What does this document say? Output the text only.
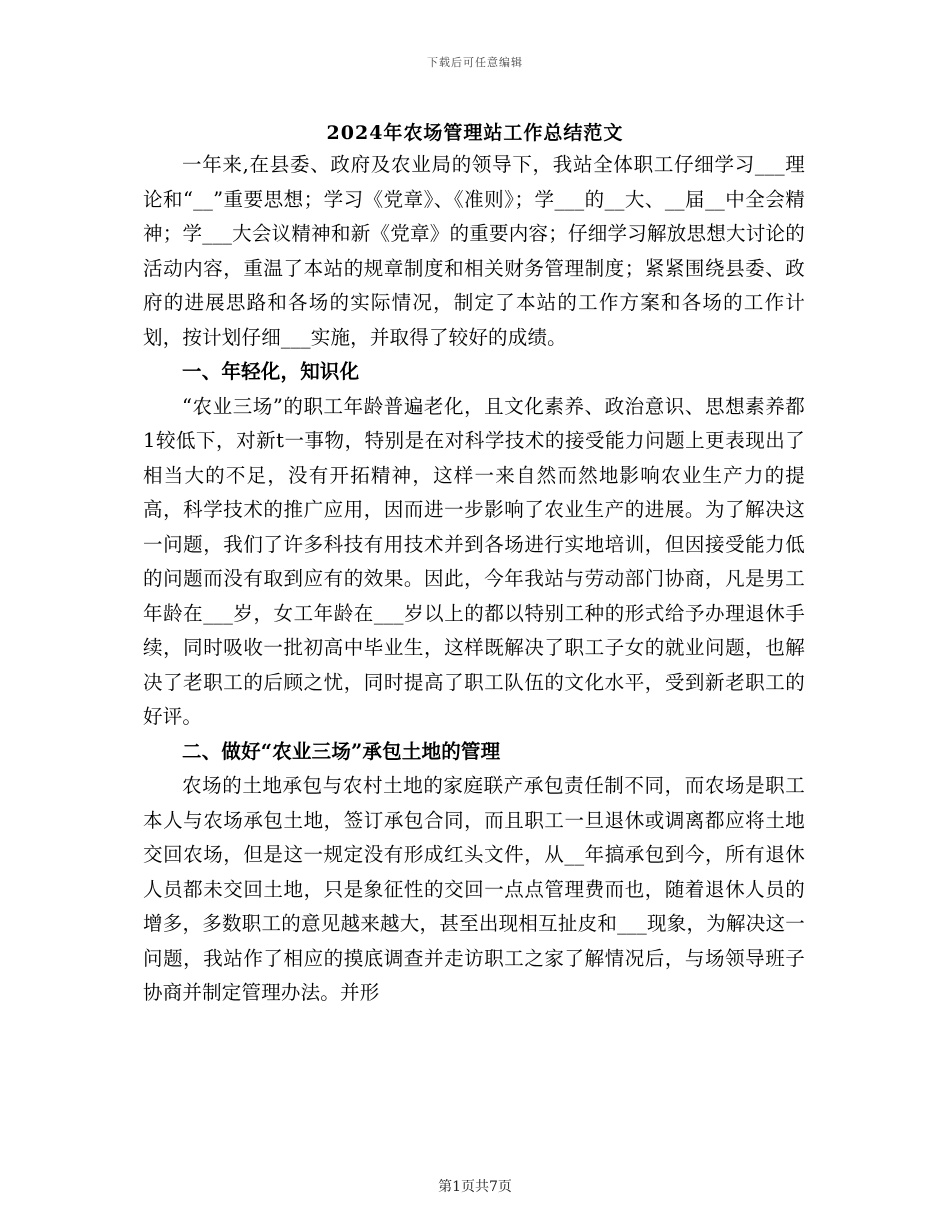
下载后可任意编辑
2024年农场管理站工作总结范文

一年来,在县委、政府及农业局的领导下，我站全体职工仔细学习___理论和“__”重要思想；学习《党章》、《准则》；学___的__大、__届__中全会精神；学___大会议精神和新《党章》的重要内容；仔细学习解放思想大讨论的活动内容，重温了本站的规章制度和相关财务管理制度；紧紧围绕县委、政府的进展思路和各场的实际情况，制定了本站的工作方案和各场的工作计划，按计划仔细___实施，并取得了较好的成绩。

一、年轻化，知识化

“农业三场”的职工年龄普遍老化，且文化素养、政治意识、思想素养都1较低下，对新t一事物，特别是在对科学技术的接受能力问题上更表现出了相当大的不足，没有开拓精神，这样一来自然而然地影响农业生产力的提高，科学技术的推广应用，因而进一步影响了农业生产的进展。为了解决这一问题，我们了许多科技有用技术并到各场进行实地培训，但因接受能力低的问题而没有取到应有的效果。因此，今年我站与劳动部门协商，凡是男工年龄在___岁，女工年龄在___岁以上的都以特别工种的形式给予办理退休手续，同时吸收一批初高中毕业生，这样既解决了职工子女的就业问题，也解决了老职工的后顾之忧，同时提高了职工队伍的文化水平，受到新老职工的好评。

二、做好“农业三场”承包土地的管理

农场的土地承包与农村土地的家庭联产承包责任制不同，而农场是职工本人与农场承包土地，签订承包合同，而且职工一旦退休或调离都应将土地交回农场，但是这一规定没有形成红头文件，从__年搞承包到今，所有退休人员都未交回土地，只是象征性的交回一点点管理费而也，随着退休人员的增多，多数职工的意见越来越大，甚至出现相互扯皮和___现象，为解决这一问题，我站作了相应的摸底调查并走访职工之家了解情况后，与场领导班子协商并制定管理办法。并形

第1页共7页
